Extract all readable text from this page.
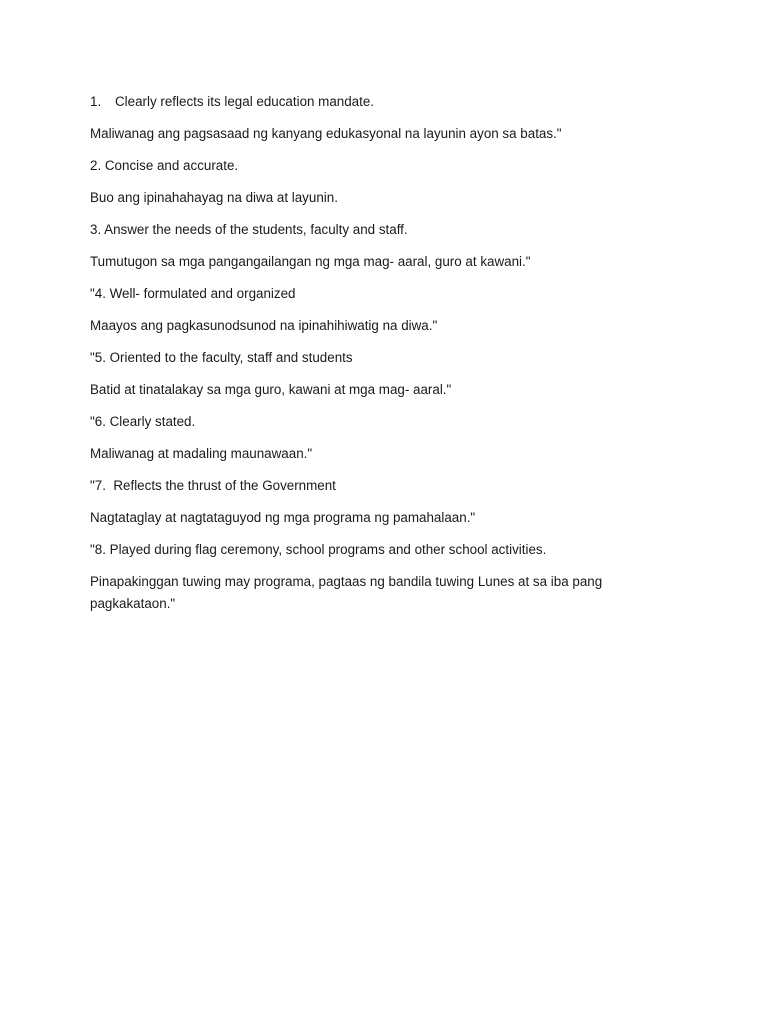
1.	Clearly reflects its legal education mandate.

Maliwanag ang pagsasaad ng kanyang edukasyonal na layunin ayon sa batas."

2. Concise and accurate.

Buo ang ipinahahayag na diwa at layunin.

3. Answer the needs of the students, faculty and staff.

Tumutugon sa mga pangangailangan ng mga mag- aaral, guro at kawani."

"4. Well- formulated and organized

Maayos ang pagkasunodsunod na ipinahihiwatig na diwa."

"5. Oriented to the faculty, staff and students

Batid at tinatalakay sa mga guro, kawani at mga mag- aaral."

"6. Clearly stated.

Maliwanag at madaling maunawaan."

"7.  Reflects the thrust of the Government

Nagtataglay at nagtataguyod ng mga programa ng pamahalaan."

"8. Played during flag ceremony, school programs and other school activities.

Pinapakinggan tuwing may programa, pagtaas ng bandila tuwing Lunes at sa iba pang pagkakataon."
